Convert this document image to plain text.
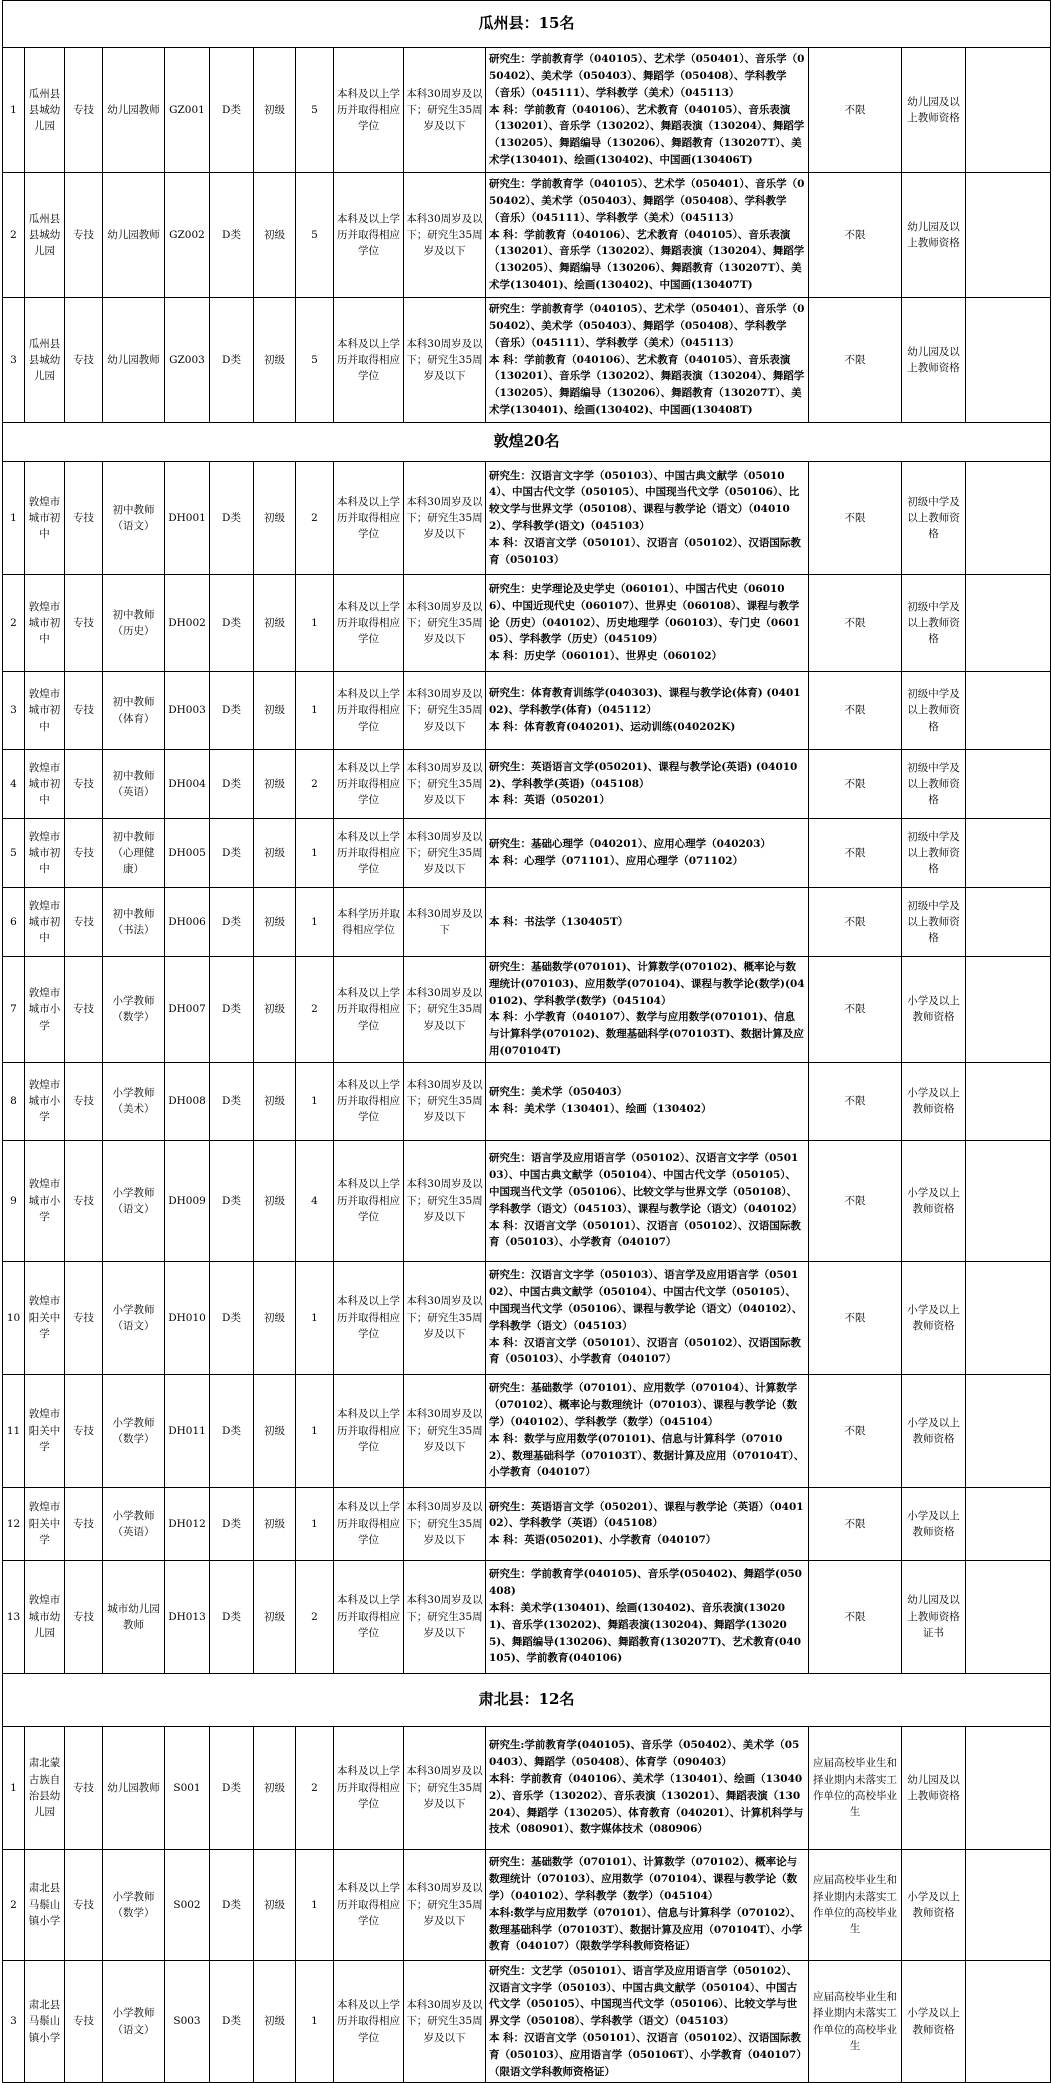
瓜州县：15名													
1	瓜州县县城幼儿园	专技	幼儿园教师	GZ001	D类	初级	5	本科及以上学历并取得相应学位	本科30周岁及以下；研究生35周岁及以下	研究生：学前教育学（040105）、艺术学（050401）、音乐学（050402）、美术学（050403）、舞蹈学（050408）、学科教学（音乐）（045111）、学科教学（美术）（045113）
本 科：学前教育（040106）、艺术教育（040105）、音乐表演（130201）、音乐学（130202）、舞蹈表演（130204）、舞蹈学（130205）、舞蹈编导（130206）、舞蹈教育（130207T）、美术学(130401)、绘画(130402)、中国画(130406T)	不限	幼儿园及以上教师资格	
2	瓜州县县城幼儿园	专技	幼儿园教师	GZ002	D类	初级	5	本科及以上学历并取得相应学位	本科30周岁及以下；研究生35周岁及以下	研究生：学前教育学（040105）、艺术学（050401）、音乐学（050402）、美术学（050403）、舞蹈学（050408）、学科教学（音乐）（045111）、学科教学（美术）（045113）
本 科：学前教育（040106）、艺术教育（040105）、音乐表演（130201）、音乐学（130202）、舞蹈表演（130204）、舞蹈学（130205）、舞蹈编导（130206）、舞蹈教育（130207T）、美术学(130401)、绘画(130402)、中国画(130407T)	不限	幼儿园及以上教师资格	
3	瓜州县县城幼儿园	专技	幼儿园教师	GZ003	D类	初级	5	本科及以上学历并取得相应学位	本科30周岁及以下；研究生35周岁及以下	研究生：学前教育学（040105）、艺术学（050401）、音乐学（050402）、美术学（050403）、舞蹈学（050408）、学科教学（音乐）（045111）、学科教学（美术）（045113）
本 科：学前教育（040106）、艺术教育（040105）、音乐表演（130201）、音乐学（130202）、舞蹈表演（130204）、舞蹈学（130205）、舞蹈编导（130206）、舞蹈教育（130207T）、美术学(130401)、绘画(130402)、中国画(130408T)	不限	幼儿园及以上教师资格	
敦煌20名													
1	敦煌市城市初中	专技	初中教师（语文）	DH001	D类	初级	2	本科及以上学历并取得相应学位	本科30周岁及以下；研究生35周岁及以下	研究生：汉语言文字学（050103）、中国古典文献学（050104）、中国古代文学（050105）、中国现当代文学（050106）、比较文学与世界文学（050108）、课程与教学论（语文）（040102）、学科教学(语文)（045103）
本 科：汉语言文学（050101）、汉语言（050102）、汉语国际教育（050103）	不限	初级中学及以上教师资格	
2	敦煌市城市初中	专技	初中教师（历史）	DH002	D类	初级	1	本科及以上学历并取得相应学位	本科30周岁及以下；研究生35周岁及以下	研究生：史学理论及史学史（060101）、中国古代史（060106）、中国近现代史（060107）、世界史（060108）、课程与教学论（历史）（040102）、历史地理学（060103）、专门史（060105）、学科教学（历史）（045109）
本 科：历史学（060101）、世界史（060102）	不限	初级中学及以上教师资格	
3	敦煌市城市初中	专技	初中教师（体育）	DH003	D类	初级	1	本科及以上学历并取得相应学位	本科30周岁及以下；研究生35周岁及以下	研究生：体育教育训练学(040303)、课程与教学论(体育) (040102)、学科教学(体育)（045112）
本 科：体育教育(040201)、运动训练(040202K)	不限	初级中学及以上教师资格	
4	敦煌市城市初中	专技	初中教师（英语）	DH004	D类	初级	2	本科及以上学历并取得相应学位	本科30周岁及以下；研究生35周岁及以下	研究生：英语语言文学(050201)、课程与教学论(英语) (040102)、学科教学(英语)（045108）
本 科：英语（050201）	不限	初级中学及以上教师资格	
5	敦煌市城市初中	专技	初中教师（心理健康）	DH005	D类	初级	1	本科及以上学历并取得相应学位	本科30周岁及以下；研究生35周岁及以下	研究生：基础心理学（040201）、应用心理学（040203）
本 科：心理学（071101）、应用心理学（071102）	不限	初级中学及以上教师资格	
6	敦煌市城市初中	专技	初中教师（书法）	DH006	D类	初级	1	本科学历并取得相应学位	本科30周岁及以下	本 科：书法学（130405T）	不限	初级中学及以上教师资格	
7	敦煌市城市小学	专技	小学教师（数学）	DH007	D类	初级	2	本科及以上学历并取得相应学位	本科30周岁及以下；研究生35周岁及以下	研究生：基础数学(070101)、计算数学(070102)、概率论与数理统计(070103)、应用数学(070104)、课程与教学论(数学)(040102)、学科教学(数学)（045104）
本 科：小学教育（040107）、数学与应用数学(070101)、信息与计算科学(070102)、数理基础科学(070103T)、数据计算及应用(070104T)	不限	小学及以上教师资格	
8	敦煌市城市小学	专技	小学教师（美术）	DH008	D类	初级	1	本科及以上学历并取得相应学位	本科30周岁及以下；研究生35周岁及以下	研究生：美术学（050403）
本 科：美术学（130401）、绘画（130402）	不限	小学及以上教师资格	
9	敦煌市城市小学	专技	小学教师（语文）	DH009	D类	初级	4	本科及以上学历并取得相应学位	本科30周岁及以下；研究生35周岁及以下	研究生：语言学及应用语言学（050102）、汉语言文字学（050103）、中国古典文献学（050104）、中国古代文学（050105）、中国现当代文学（050106）、比较文学与世界文学（050108）、学科教学（语文）（045103）、课程与教学论（语文）（040102）
本 科：汉语言文学（050101）、汉语言（050102）、汉语国际教育（050103）、小学教育（040107）	不限	小学及以上教师资格	
10	敦煌市阳关中学	专技	小学教师（语文）	DH010	D类	初级	1	本科及以上学历并取得相应学位	本科30周岁及以下；研究生35周岁及以下	研究生：汉语言文字学（050103）、语言学及应用语言学（050102）、中国古典文献学（050104）、中国古代文学（050105）、中国现当代文学（050106）、课程与教学论（语文）（040102）、学科教学（语文）（045103）
本 科：汉语言文学（050101）、汉语言（050102）、汉语国际教育（050103）、小学教育（040107）	不限	小学及以上教师资格	
11	敦煌市阳关中学	专技	小学教师（数学）	DH011	D类	初级	1	本科及以上学历并取得相应学位	本科30周岁及以下；研究生35周岁及以下	研究生：基础数学（070101）、应用数学（070104）、计算数学（070102）、概率论与数理统计（070103）、课程与教学论（数学）（040102）、学科教学（数学）（045104）
本 科：数学与应用数学(070101)、信息与计算科学（070102）、数理基础科学（070103T）、数据计算及应用（070104T）、小学教育（040107）	不限	小学及以上教师资格	
12	敦煌市阳关中学	专技	小学教师（英语）	DH012	D类	初级	1	本科及以上学历并取得相应学位	本科30周岁及以下；研究生35周岁及以下	研究生：英语语言文学（050201）、课程与教学论（英语）（040102）、学科教学（英语）（045108）
本 科：英语(050201)、小学教育（040107）	不限	小学及以上教师资格	
13	敦煌市城市幼儿园	专技	城市幼儿园教师	DH013	D类	初级	2	本科及以上学历并取得相应学位	本科30周岁及以下；研究生35周岁及以下	研究生：学前教育学(040105)、音乐学(050402)、舞蹈学(050408)
本科：美术学(130401)、绘画(130402)、音乐表演(130201)、音乐学(130202)、舞蹈表演(130204)、舞蹈学(130205)、舞蹈编导(130206)、舞蹈教育(130207T)、艺术教育(040105)、学前教育(040106)	不限	幼儿园及以上教师资格证书	
肃北县：12名													
1	肃北蒙古族自治县幼儿园	专技	幼儿园教师	S001	D类	初级	2	本科及以上学历并取得相应学位	本科30周岁及以下；研究生35周岁及以下	研究生:学前教育学(040105)、音乐学（050402）、美术学（050403）、舞蹈学（050408）、体育学（090403）
本科：学前教育（040106）、美术学（130401）、绘画（130402）、音乐学（130202）、音乐表演（130201）、舞蹈表演（130204）、舞蹈学（130205）、体育教育（040201）、计算机科学与技术（080901）、数字媒体技术（080906）	应届高校毕业生和择业期内未落实工作单位的高校毕业生	幼儿园及以上教师资格	
2	肃北县马鬃山镇小学	专技	小学教师（数学）	S002	D类	初级	1	本科及以上学历并取得相应学位	本科30周岁及以下；研究生35周岁及以下	研究生：基础数学（070101）、计算数学（070102）、概率论与数理统计（070103）、应用数学（070104）、课程与教学论（数学）（040102）、学科教学（数学）（045104）
本科:数学与应用数学（070101）、信息与计算科学（070102）、数理基础科学（070103T）、数据计算及应用（070104T）、小学教育（040107）（限数学学科教师资格证）	应届高校毕业生和择业期内未落实工作单位的高校毕业生	小学及以上教师资格	
3	肃北县马鬃山镇小学	专技	小学教师（语文）	S003	D类	初级	1	本科及以上学历并取得相应学位	本科30周岁及以下；研究生35周岁及以下	研究生：文艺学（050101）、语言学及应用语言学（050102）、汉语言文字学（050103）、中国古典文献学（050104）、中国古代文学（050105）、中国现当代文学（050106）、比较文学与世界文学（050108）、学科教学（语文）（045103）
本 科：汉语言文学（050101）、汉语言（050102）、汉语国际教育（050103）、应用语言学（050106T）、小学教育（040107）（限语文学科教师资格证）	应届高校毕业生和择业期内未落实工作单位的高校毕业生	小学及以上教师资格	
